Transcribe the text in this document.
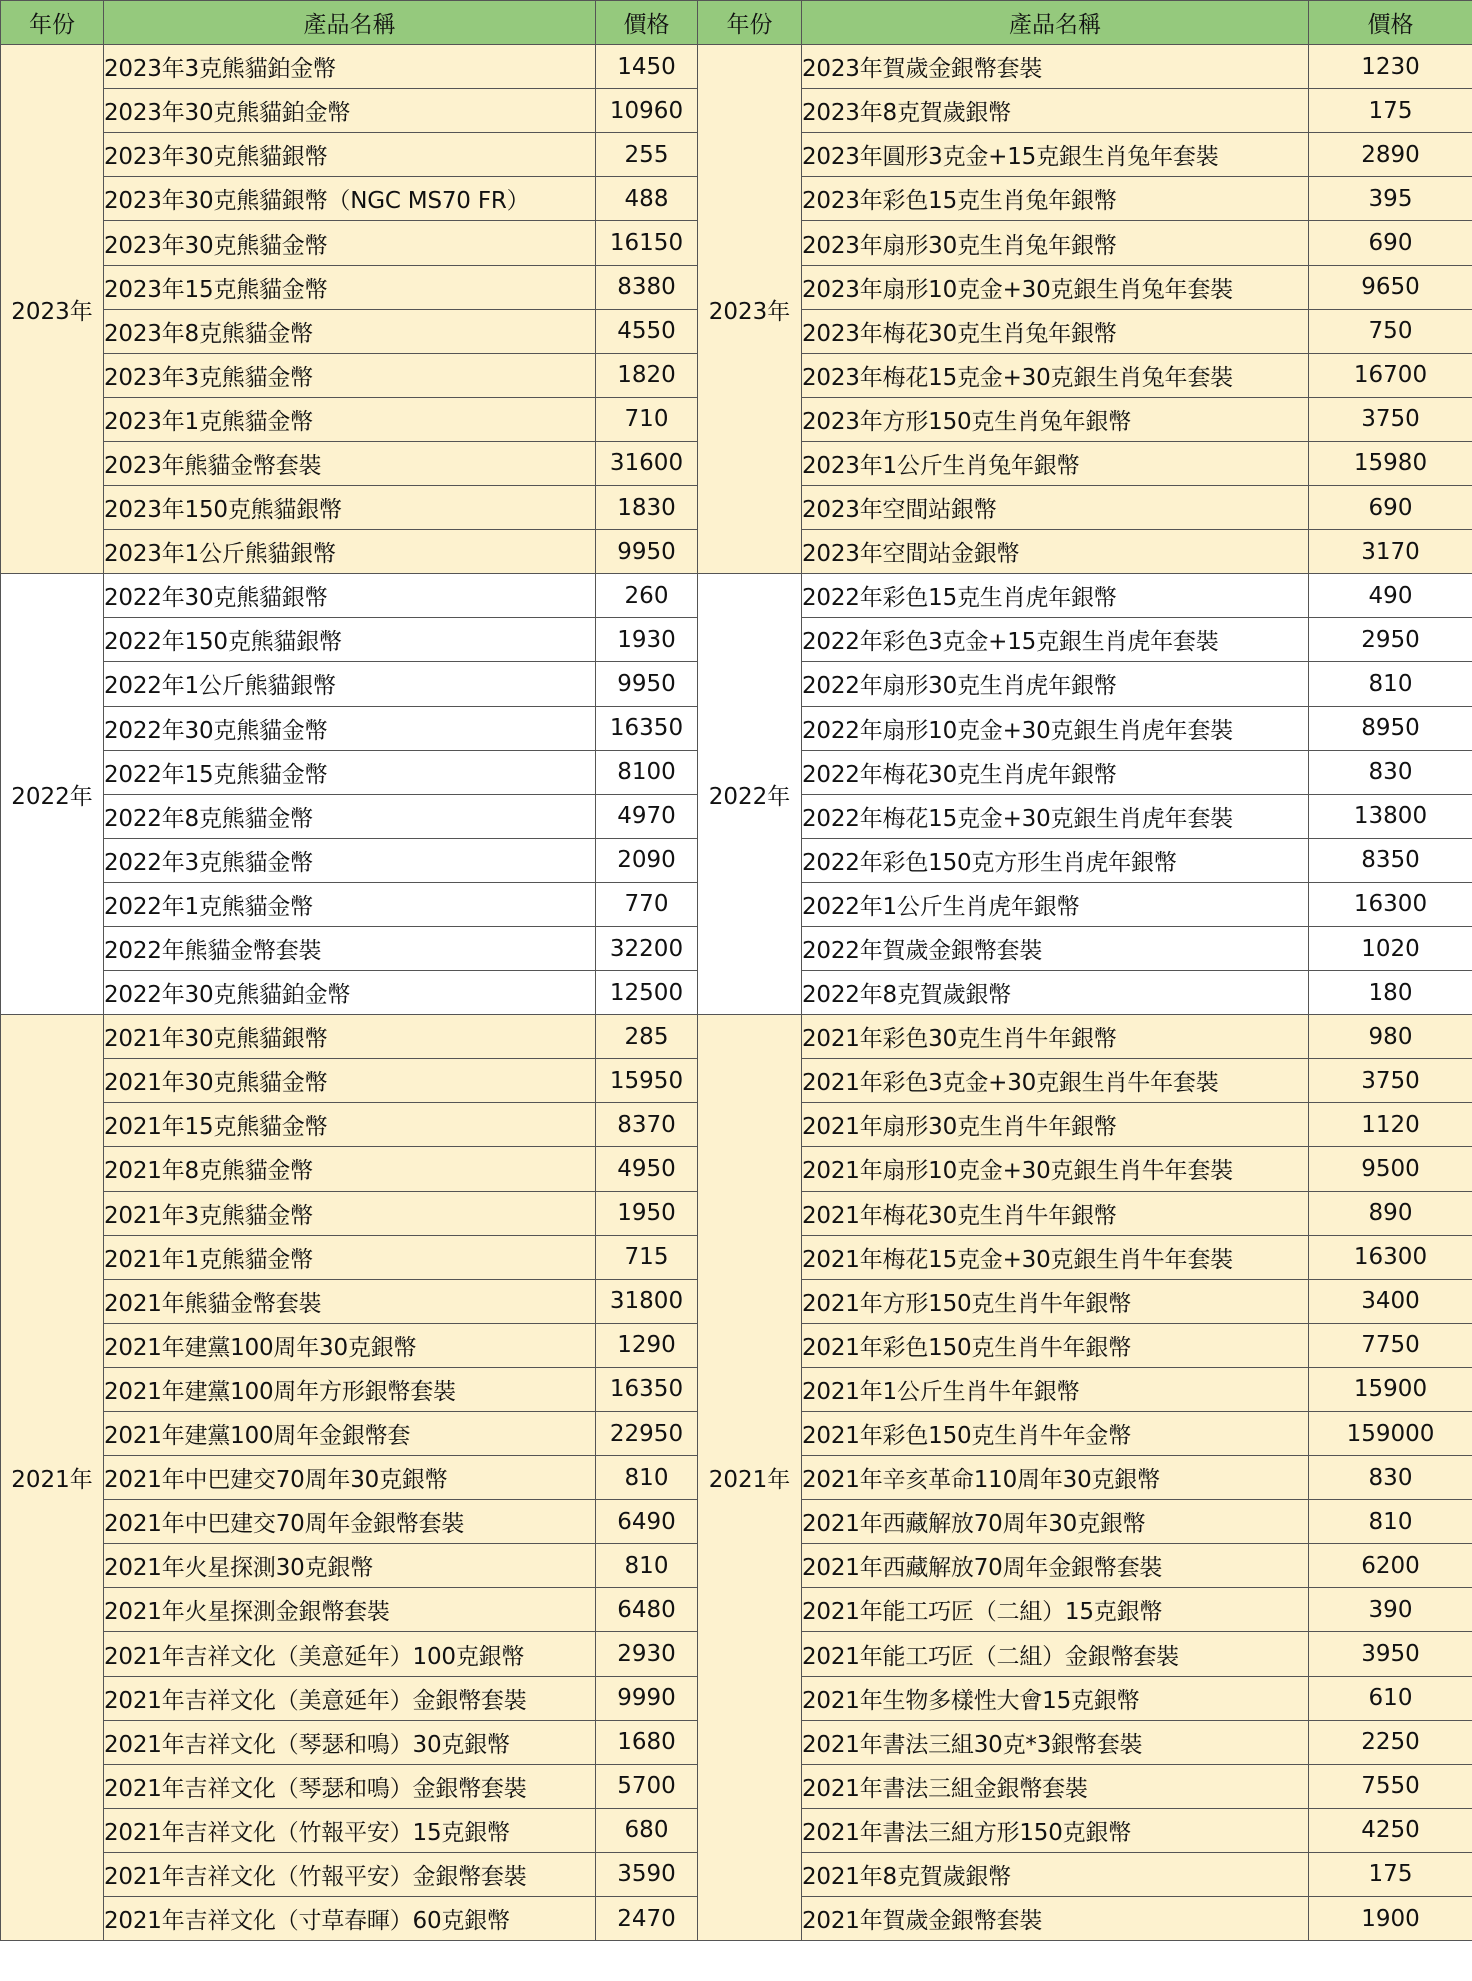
年份	產品名稱	價格	年份	產品名稱	價格
2023年	2023年3克熊貓鉑金幣	1450	2023年	2023年賀歲金銀幣套裝	1230
	2023年30克熊貓鉑金幣	10960		2023年8克賀歲銀幣	175
	2023年30克熊貓銀幣	255		2023年圓形3克金+15克銀生肖兔年套裝	2890
	2023年30克熊貓銀幣（NGC MS70 FR）	488		2023年彩色15克生肖兔年銀幣	395
	2023年30克熊貓金幣	16150		2023年扇形30克生肖兔年銀幣	690
	2023年15克熊貓金幣	8380		2023年扇形10克金+30克銀生肖兔年套裝	9650
	2023年8克熊貓金幣	4550		2023年梅花30克生肖兔年銀幣	750
	2023年3克熊貓金幣	1820		2023年梅花15克金+30克銀生肖兔年套裝	16700
	2023年1克熊貓金幣	710		2023年方形150克生肖兔年銀幣	3750
	2023年熊貓金幣套裝	31600		2023年1公斤生肖兔年銀幣	15980
	2023年150克熊貓銀幣	1830		2023年空間站銀幣	690
	2023年1公斤熊貓銀幣	9950		2023年空間站金銀幣	3170
2022年	2022年30克熊貓銀幣	260	2022年	2022年彩色15克生肖虎年銀幣	490
	2022年150克熊貓銀幣	1930		2022年彩色3克金+15克銀生肖虎年套裝	2950
	2022年1公斤熊貓銀幣	9950		2022年扇形30克生肖虎年銀幣	810
	2022年30克熊貓金幣	16350		2022年扇形10克金+30克銀生肖虎年套裝	8950
	2022年15克熊貓金幣	8100		2022年梅花30克生肖虎年銀幣	830
	2022年8克熊貓金幣	4970		2022年梅花15克金+30克銀生肖虎年套裝	13800
	2022年3克熊貓金幣	2090		2022年彩色150克方形生肖虎年銀幣	8350
	2022年1克熊貓金幣	770		2022年1公斤生肖虎年銀幣	16300
	2022年熊貓金幣套裝	32200		2022年賀歲金銀幣套裝	1020
	2022年30克熊貓鉑金幣	12500		2022年8克賀歲銀幣	180
2021年	2021年30克熊貓銀幣	285	2021年	2021年彩色30克生肖牛年銀幣	980
	2021年30克熊貓金幣	15950		2021年彩色3克金+30克銀生肖牛年套裝	3750
	2021年15克熊貓金幣	8370		2021年扇形30克生肖牛年銀幣	1120
	2021年8克熊貓金幣	4950		2021年扇形10克金+30克銀生肖牛年套裝	9500
	2021年3克熊貓金幣	1950		2021年梅花30克生肖牛年銀幣	890
	2021年1克熊貓金幣	715		2021年梅花15克金+30克銀生肖牛年套裝	16300
	2021年熊貓金幣套裝	31800		2021年方形150克生肖牛年銀幣	3400
	2021年建黨100周年30克銀幣	1290		2021年彩色150克生肖牛年銀幣	7750
	2021年建黨100周年方形銀幣套裝	16350		2021年1公斤生肖牛年銀幣	15900
	2021年建黨100周年金銀幣套	22950		2021年彩色150克生肖牛年金幣	159000
	2021年中巴建交70周年30克銀幣	810		2021年辛亥革命110周年30克銀幣	830
	2021年中巴建交70周年金銀幣套裝	6490		2021年西藏解放70周年30克銀幣	810
	2021年火星探測30克銀幣	810		2021年西藏解放70周年金銀幣套裝	6200
	2021年火星探測金銀幣套裝	6480		2021年能工巧匠（二組）15克銀幣	390
	2021年吉祥文化（美意延年）100克銀幣	2930		2021年能工巧匠（二組）金銀幣套裝	3950
	2021年吉祥文化（美意延年）金銀幣套裝	9990		2021年生物多樣性大會15克銀幣	610
	2021年吉祥文化（琴瑟和鳴）30克銀幣	1680		2021年書法三組30克*3銀幣套裝	2250
	2021年吉祥文化（琴瑟和鳴）金銀幣套裝	5700		2021年書法三組金銀幣套裝	7550
	2021年吉祥文化（竹報平安）15克銀幣	680		2021年書法三組方形150克銀幣	4250
	2021年吉祥文化（竹報平安）金銀幣套裝	3590		2021年8克賀歲銀幣	175
	2021年吉祥文化（寸草春暉）60克銀幣	2470		2021年賀歲金銀幣套裝	1900
